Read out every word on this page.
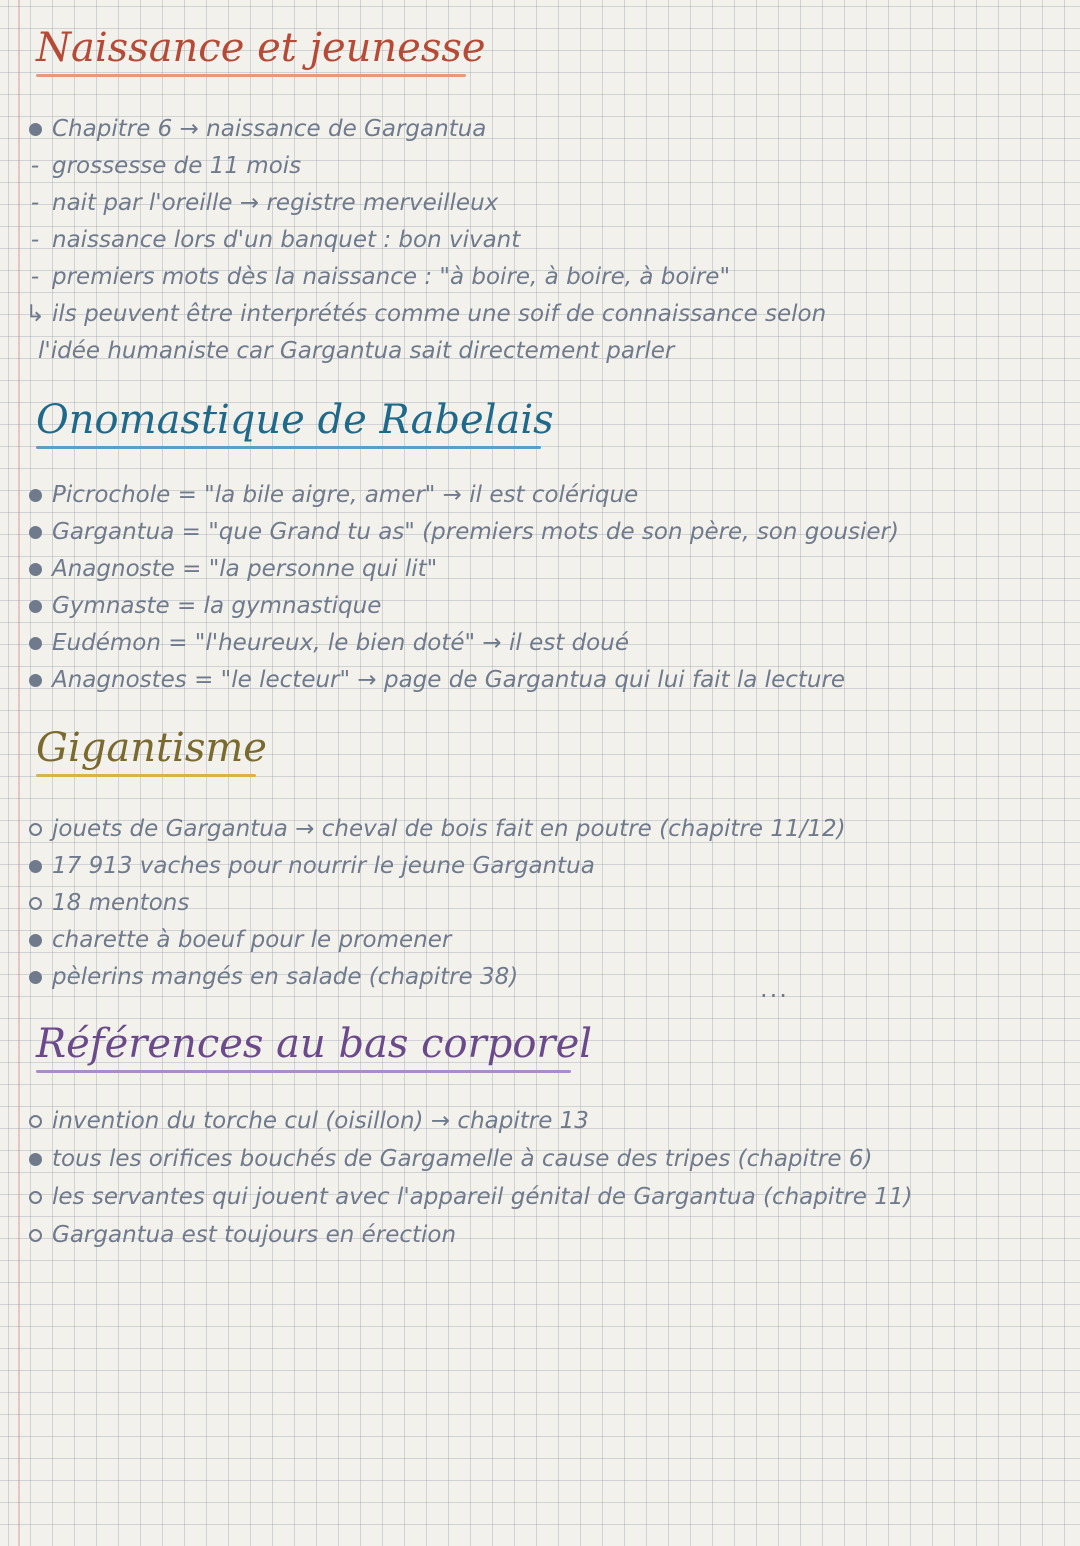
Naissance et jeunesse
Chapitre 6 → naissance de Gargantua
- grossesse de 11 mois
- nait par l'oreille → registre merveilleux
- naissance lors d'un banquet : bon vivant
- premiers mots dès la naissance : "à boire, à boire, à boire"
↳ ils peuvent être interprétés comme une soif de connaissance selon
l'idée humaniste car Gargantua sait directement parler
Onomastique de Rabelais
Picrochole = "la bile aigre, amer" → il est colérique
Gargantua = "que Grand tu as" (premiers mots de son père, son gousier)
Anagnoste = "la personne qui lit"
Gymnaste = la gymnastique
Eudémon = "l'heureux, le bien doté" → il est doué
Anagnostes = "le lecteur" → page de Gargantua qui lui fait la lecture
Gigantisme
jouets de Gargantua → cheval de bois fait en poutre (chapitre 11/12)
17 913 vaches pour nourrir le jeune Gargantua
18 mentons
charette à boeuf pour le promener
pèlerins mangés en salade (chapitre 38)	...
Références au bas corporel
invention du torche cul (oisillon) → chapitre 13
tous les orifices bouchés de Gargamelle à cause des tripes (chapitre 6)
les servantes qui jouent avec l'appareil génital de Gargantua (chapitre 11)
Gargantua est toujours en érection
